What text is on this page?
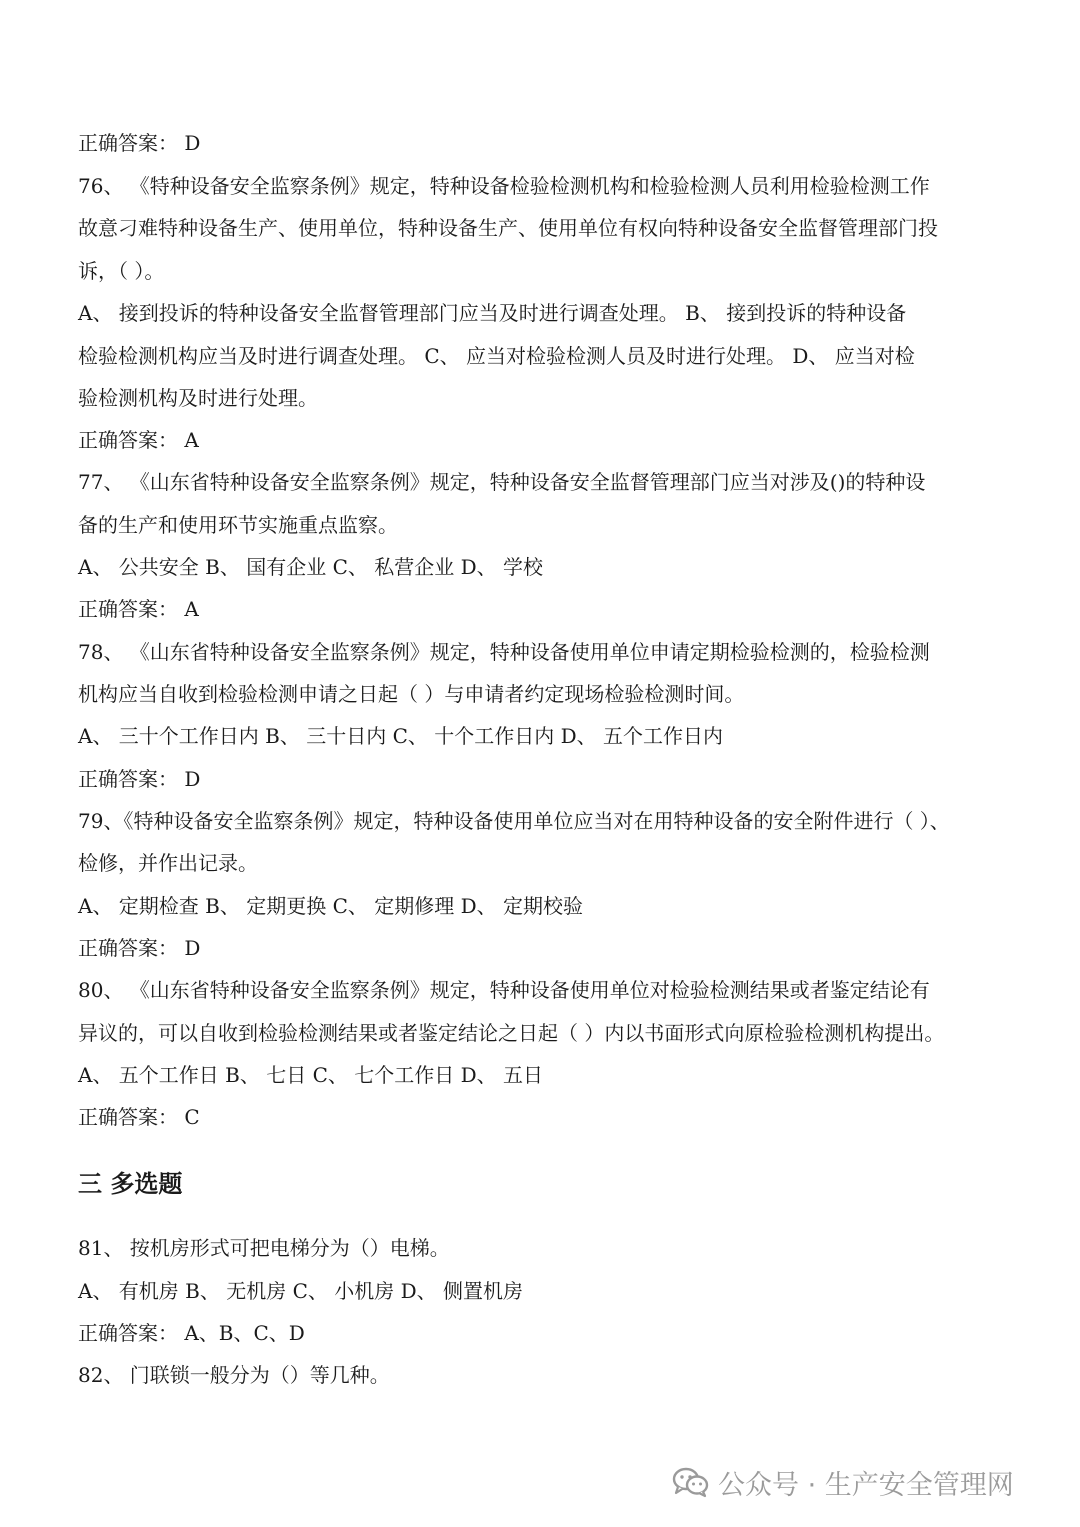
正确答案： D
76、 《特种设备安全监察条例》规定，特种设备检验检测机构和检验检测人员利用检验检测工作
故意刁难特种设备生产、使用单位，特种设备生产、使用单位有权向特种设备安全监督管理部门投
诉，（ ）。
A、 接到投诉的特种设备安全监督管理部门应当及时进行调查处理。 B、 接到投诉的特种设备
检验检测机构应当及时进行调查处理。 C、 应当对检验检测人员及时进行处理。 D、 应当对检
验检测机构及时进行处理。
正确答案： A
77、 《山东省特种设备安全监察条例》规定，特种设备安全监督管理部门应当对涉及()的特种设
备的生产和使用环节实施重点监察。
A、 公共安全 B、 国有企业 C、 私营企业 D、 学校
正确答案： A
78、 《山东省特种设备安全监察条例》规定，特种设备使用单位申请定期检验检测的，检验检测
机构应当自收到检验检测申请之日起（ ）与申请者约定现场检验检测时间。
A、 三十个工作日内 B、 三十日内 C、 十个工作日内 D、 五个工作日内
正确答案： D
79、《特种设备安全监察条例》规定，特种设备使用单位应当对在用特种设备的安全附件进行（ ）、
检修，并作出记录。
A、 定期检查 B、 定期更换 C、 定期修理 D、 定期校验
正确答案： D
80、 《山东省特种设备安全监察条例》规定，特种设备使用单位对检验检测结果或者鉴定结论有
异议的，可以自收到检验检测结果或者鉴定结论之日起（ ）内以书面形式向原检验检测机构提出。
A、 五个工作日 B、 七日 C、 七个工作日 D、 五日
正确答案： C
三 多选题
81、 按机房形式可把电梯分为（）电梯。
A、 有机房 B、 无机房 C、 小机房 D、 侧置机房
正确答案： A、B、C、D
82、 门联锁一般分为（）等几种。
公众号 · 生产安全管理网
